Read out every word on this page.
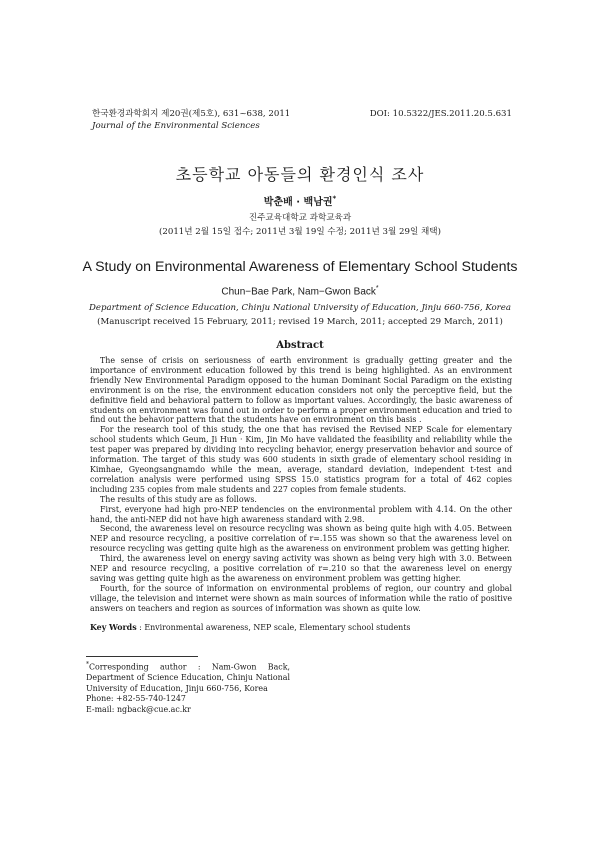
한국환경과학회지 제20권(제5호), 631~638, 2011
Journal of the Environmental Sciences
DOI: 10.5322/JES.2011.20.5.631
초등학교 아동들의 환경인식 조사
박춘배 · 백남권*
진주교육대학교 과학교육과
(2011년 2월 15일 접수; 2011년 3월 19일 수정; 2011년 3월 29일 채택)
A Study on Environmental Awareness of Elementary School Students
Chun−Bae Park, Nam−Gwon Back*
Department of Science Education, Chinju National University of Education, Jinju 660-756, Korea
(Manuscript received 15 February, 2011; revised 19 March, 2011; accepted 29 March, 2011)
Abstract

The sense of crisis on seriousness of earth environment is gradually getting greater and the importance of environment education followed by this trend is being highlighted. As an environment friendly New Environmental Paradigm opposed to the human Dominant Social Paradigm on the existing environment is on the rise, the environment education considers not only the perceptive field, but the definitive field and behavioral pattern to follow as important values. Accordingly, the basic awareness of students on environment was found out in order to perform a proper environment education and tried to find out the behavior pattern that the students have on environment on this basis .

For the research tool of this study, the one that has revised the Revised NEP Scale for elementary school students which Geum, Ji Hun · Kim, Jin Mo have validated the feasibility and reliability while the test paper was prepared by dividing into recycling behavior, energy preservation behavior and source of information. The target of this study was 600 students in sixth grade of elementary school residing in Kimhae, Gyeongsangnamdo while the mean, average, standard deviation, independent t-test and correlation analysis were performed using SPSS 15.0 statistics program for a total of 462 copies including 235 copies from male students and 227 copies from female students.

The results of this study are as follows.

First, everyone had high pro-NEP tendencies on the environmental problem with 4.14. On the other hand, the anti-NEP did not have high awareness standard with 2.98.

Second, the awareness level on resource recycling was shown as being quite high with 4.05. Between NEP and resource recycling, a positive correlation of r=.155 was shown so that the awareness level on resource recycling was getting quite high as the awareness on environment problem was getting higher.

Third, the awareness level on energy saving activity was shown as being very high with 3.0. Between NEP and resource recycling, a positive correlation of r=.210 so that the awareness level on energy saving was getting quite high as the awareness on environment problem was getting higher.

Fourth, for the source of information on environmental problems of region, our country and global village, the television and internet were shown as main sources of information while the ratio of positive answers on teachers and region as sources of information was shown as quite low.

Key Words : Environmental awareness, NEP scale, Elementary school students
*Corresponding author : Nam-Gwon Back, Department of Science Education, Chinju National University of Education, Jinju 660-756, Korea
Phone: +82-55-740-1247
E-mail: ngback@cue.ac.kr
